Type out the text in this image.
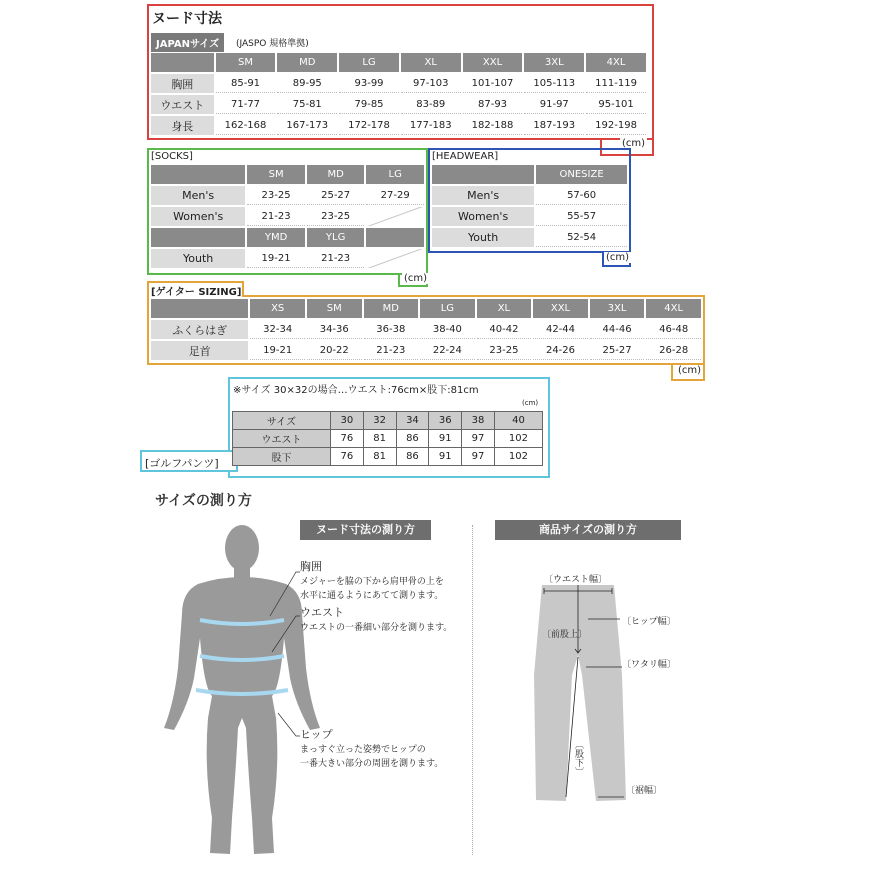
ヌード寸法
JAPANサイズ	(JASPO 規格準拠)
	SM	MD	LG	XL	XXL	3XL	4XL
胸囲	85-91	89-95	93-99	97-103	101-107	105-113	111-119
ウエスト	71-77	75-81	79-85	83-89	87-93	91-97	95-101
身長	162-168	167-173	172-178	177-183	182-188	187-193	192-198
(cm)
[SOCKS]
	SM	MD	LG
Men's	23-25	25-27	27-29
Women's	21-23	23-25	
	YMD	YLG	
Youth	19-21	21-23	
(cm)
[HEADWEAR]
	ONESIZE
Men's	57-60
Women's	55-57
Youth	52-54
(cm)
[ゲイター SIZING]
	XS	SM	MD	LG	XL	XXL	3XL	4XL
ふくらはぎ	32-34	34-36	36-38	38-40	40-42	42-44	44-46	46-48
足首	19-21	20-22	21-23	22-24	23-25	24-26	25-27	26-28
(cm)
[ゴルフパンツ]
※サイズ 30×32の場合…ウエスト:76cm×股下:81cm
(cm)
サイズ	30	32	34	36	38	40
ウエスト	76	81	86	91	97	102
股下	76	81	86	91	97	102
サイズの測り方
ヌード寸法の測り方	商品サイズの測り方
胸囲
メジャーを脇の下から肩甲骨の上を
水平に通るようにあてて測ります。
ウエスト
ウエストの一番細い部分を測ります。
ヒップ
まっすぐ立った姿勢でヒップの
一番大きい部分の周囲を測ります。
〔ウエスト幅〕
〔ヒップ幅〕
〔前股上〕
〔ワタリ幅〕
〔股下〕
〔裾幅〕
